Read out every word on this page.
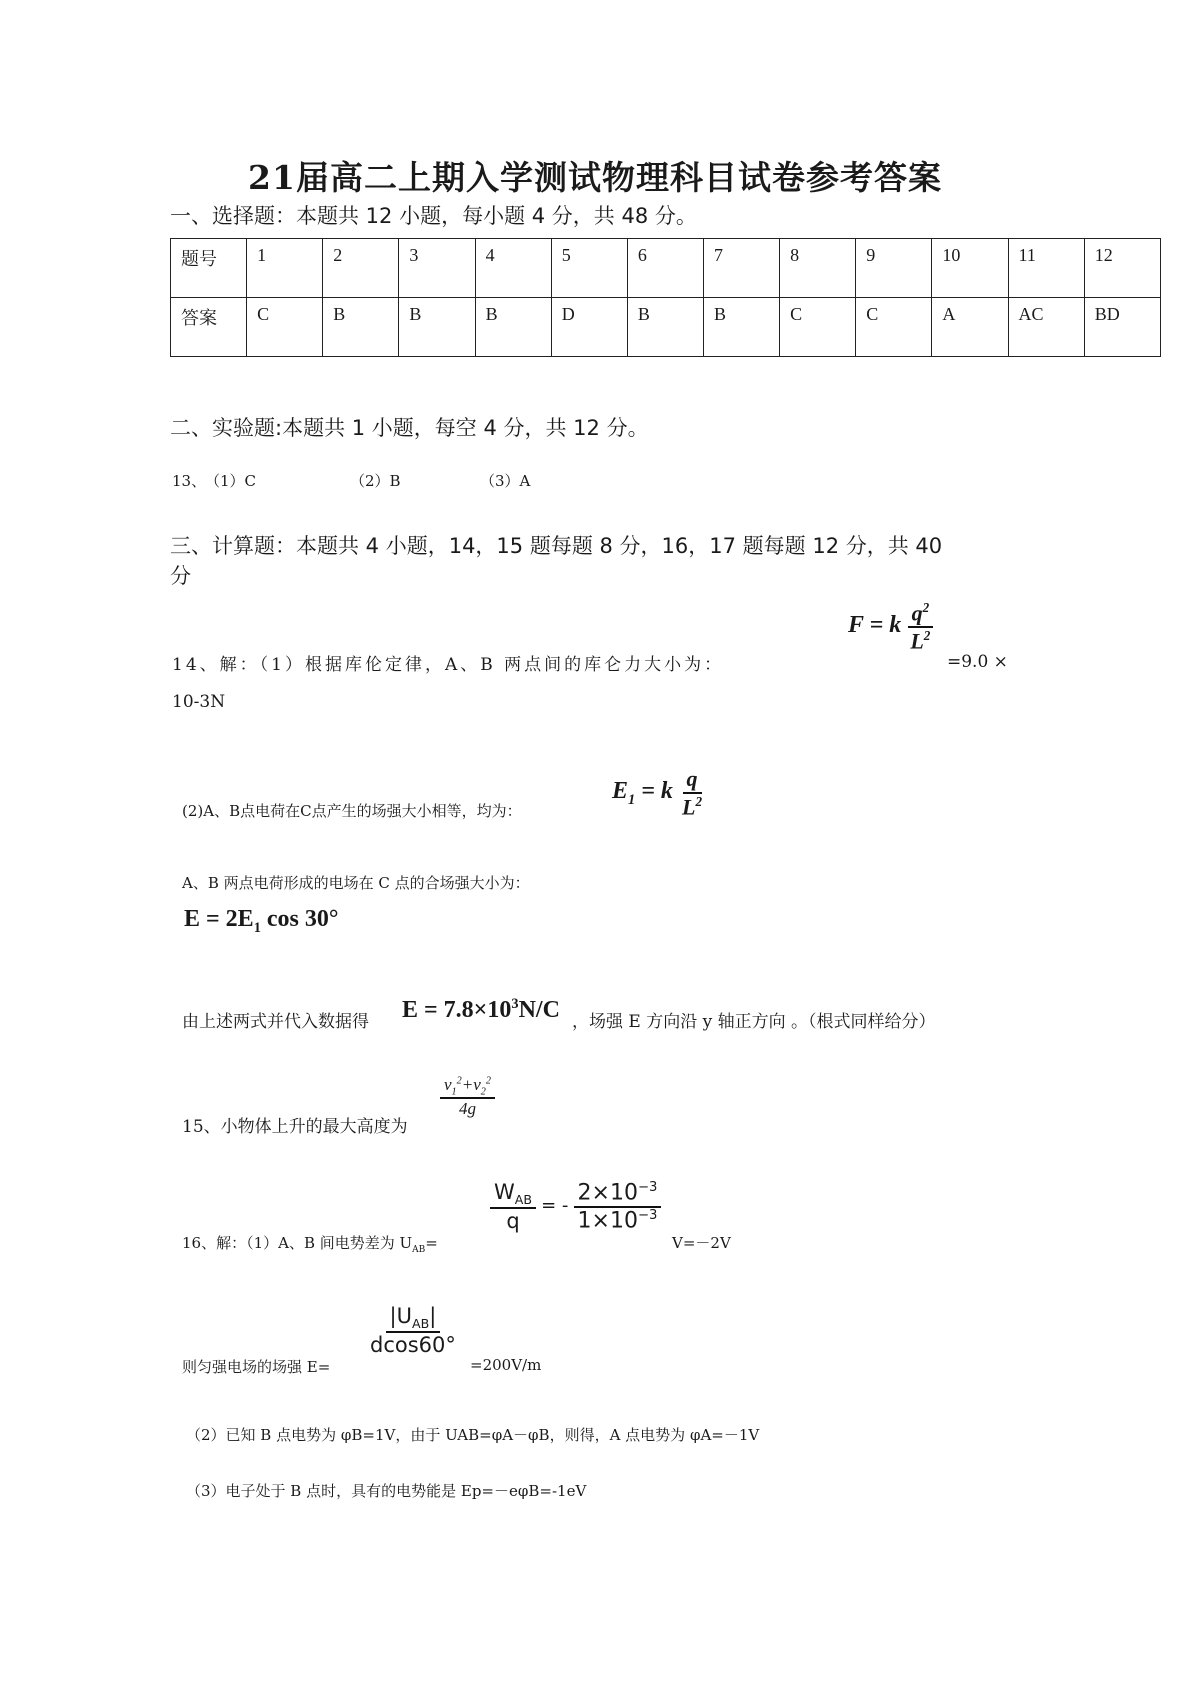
21届高二上期入学测试物理科目试卷参考答案
一、选择题：本题共 12 小题，每小题 4 分，共 48 分。
题号	1	2	3	4	5	6	7	8	9	10	11	12
答案	C	B	B	B	D	B	B	C	C	A	AC	BD
二、实验题:本题共 1 小题，每空 4 分，共 12 分。
13、
（1）C	（2）B	（3）A
三、计算题：本题共 4 小题，14，15 题每题 8 分，16，17 题每题 12 分，共 40
分
14、解：（1）根据库伦定律，A、B 两点间的库仑力大小为：
F = k $\frac{q^2}{L^2}$
=9.0 ×
10-3N
(2)A、B点电荷在C点产生的场强大小相等，均为：
$E_1 = k \frac{q}{L^2}$
A、B 两点电荷形成的电场在 C 点的合场强大小为：
$E = 2E_1$ cos 30°
由上述两式并代入数据得 $E = 7.8\times 10^3N/C$ ，场强 E 方向沿 y 轴正方向 。（根式同样给分）
15、小物体上升的最大高度为
$\frac{v_1^2+v_2^2}{4g}$
16、解：（1）A、B 间电势差为 $U_{AB}=$
$\frac{W_{AB}}{q}$ = - $\frac{2\times 10^{-3}}{1\times 10^{-3}}$
V=－2V
则匀强电场的场强 E=
$\frac{|U_{AB}|}{dcos60^\circ}$
=200V/m
（2）已知 B 点电势为 φB=1V，由于 UAB=φA－φB，则得，A 点电势为 φA=－1V
（3）电子处于 B 点时，具有的电势能是 Ep=－eφB=-1eV
